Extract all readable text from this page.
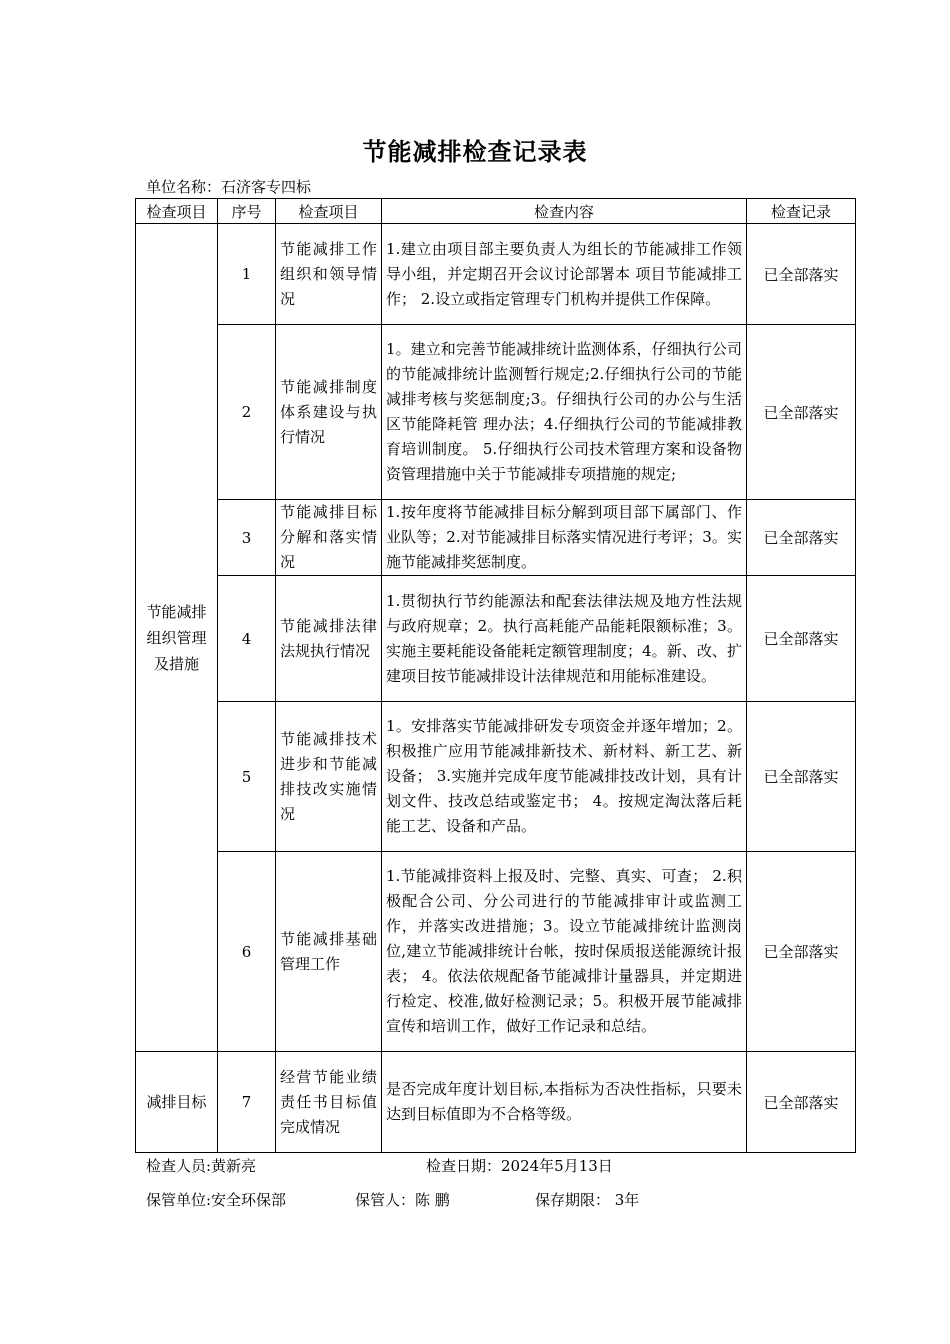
节能减排检查记录表
单位名称：石济客专四标
检查项目	序号	检查项目	检查内容	检查记录
节能减排组织管理及措施	1	节能减排工作组织和领导情 况	1.建立由项目部主要负责人为组长的节能减排工作领导小组，并定期召开会议讨论部署本 项目节能减排工作； 2.设立或指定管理专门机构并提供工作保障。	已全部落实
	2	节能减排制度体系建设与执行情况	1。建立和完善节能减排统计监测体系，仔细执行公司的节能减排统计监测暂行规定;2.仔细执行公司的节能减排考核与奖惩制度;3。仔细执行公司的办公与生活区节能降耗管 理办法；4.仔细执行公司的节能减排教育培训制度。 5.仔细执行公司技术管理方案和设备物资管理措施中关于节能减排专项措施的规定;	已全部落实
	3	节能减排目标分解和落实情 况	1.按年度将节能减排目标分解到项目部下属部门、作业队等；2.对节能减排目标落实情况进行考评；3。实施节能减排奖惩制度。	已全部落实
	4	节能减排法律法规执行情况	1.贯彻执行节约能源法和配套法律法规及地方性法规与政府规章；2。执行高耗能产品能耗限额标准；3。实施主要耗能设备能耗定额管理制度；4。新、改、扩建项目按节能减排设计法律规范和用能标准建设。	已全部落实
	5	节能减排技术进步和节能减排技改实施情况	1。安排落实节能减排研发专项资金并逐年增加；2。积极推广应用节能减排新技术、新材料、新工艺、新设备； 3.实施并完成年度节能减排技改计划，具有计划文件、技改总结或鉴定书； 4。按规定淘汰落后耗能工艺、设备和产品。	已全部落实
	6	节能减排基础管理工作	1.节能减排资料上报及时、完整、真实、可查； 2.积极配合公司、分公司进行的节能减排审计或监测工作，并落实改进措施；3。设立节能减排统计监测岗位,建立节能减排统计台帐，按时保质报送能源统计报表； 4。依法依规配备节能减排计量器具，并定期进行检定、校准,做好检测记录；5。积极开展节能减排宣传和培训工作，做好工作记录和总结。	已全部落实
减排目标	7	经营节能业绩 责任书目标值 完成情况	是否完成年度计划目标,本指标为否决性指标，只要未达到目标值即为不合格等级。	已全部落实
检查人员:黄新亮	检查日期：2024年5月13日
保管单位:安全环保部	保管人：陈 鹏	保存期限： 3年
